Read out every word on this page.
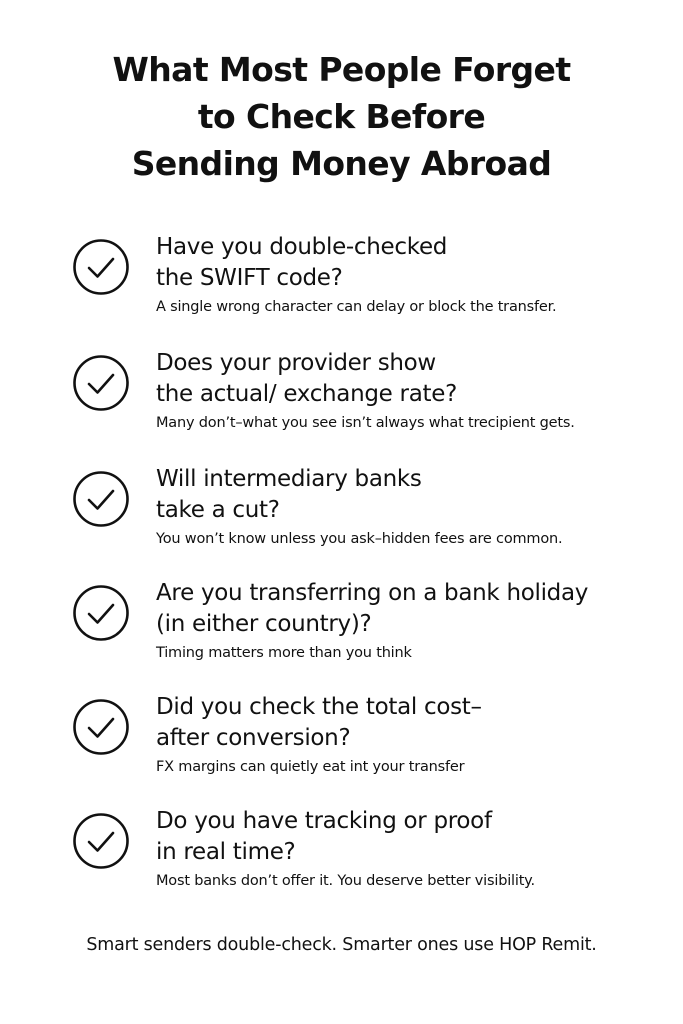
What Most People Forget
to Check Before
Sending Money Abroad
Have you double-checked
the SWIFT code?

A single wrong character can delay or block the transfer.

Does your provider show
the actual/ exchange rate?

Many don’t–what you see isn’t always what trecipient gets.

Will intermediary banks
take a cut?

You won’t know unless you ask–hidden fees are common.

Are you transferring on a bank holiday
(in either country)?

Timing matters more than you think

Did you check the total cost–
after conversion?

FX margins can quietly eat int your transfer

Do you have tracking or proof
in real time?

Most banks don’t offer it. You deserve better visibility.

Smart senders double-check. Smarter ones use HOP Remit.
